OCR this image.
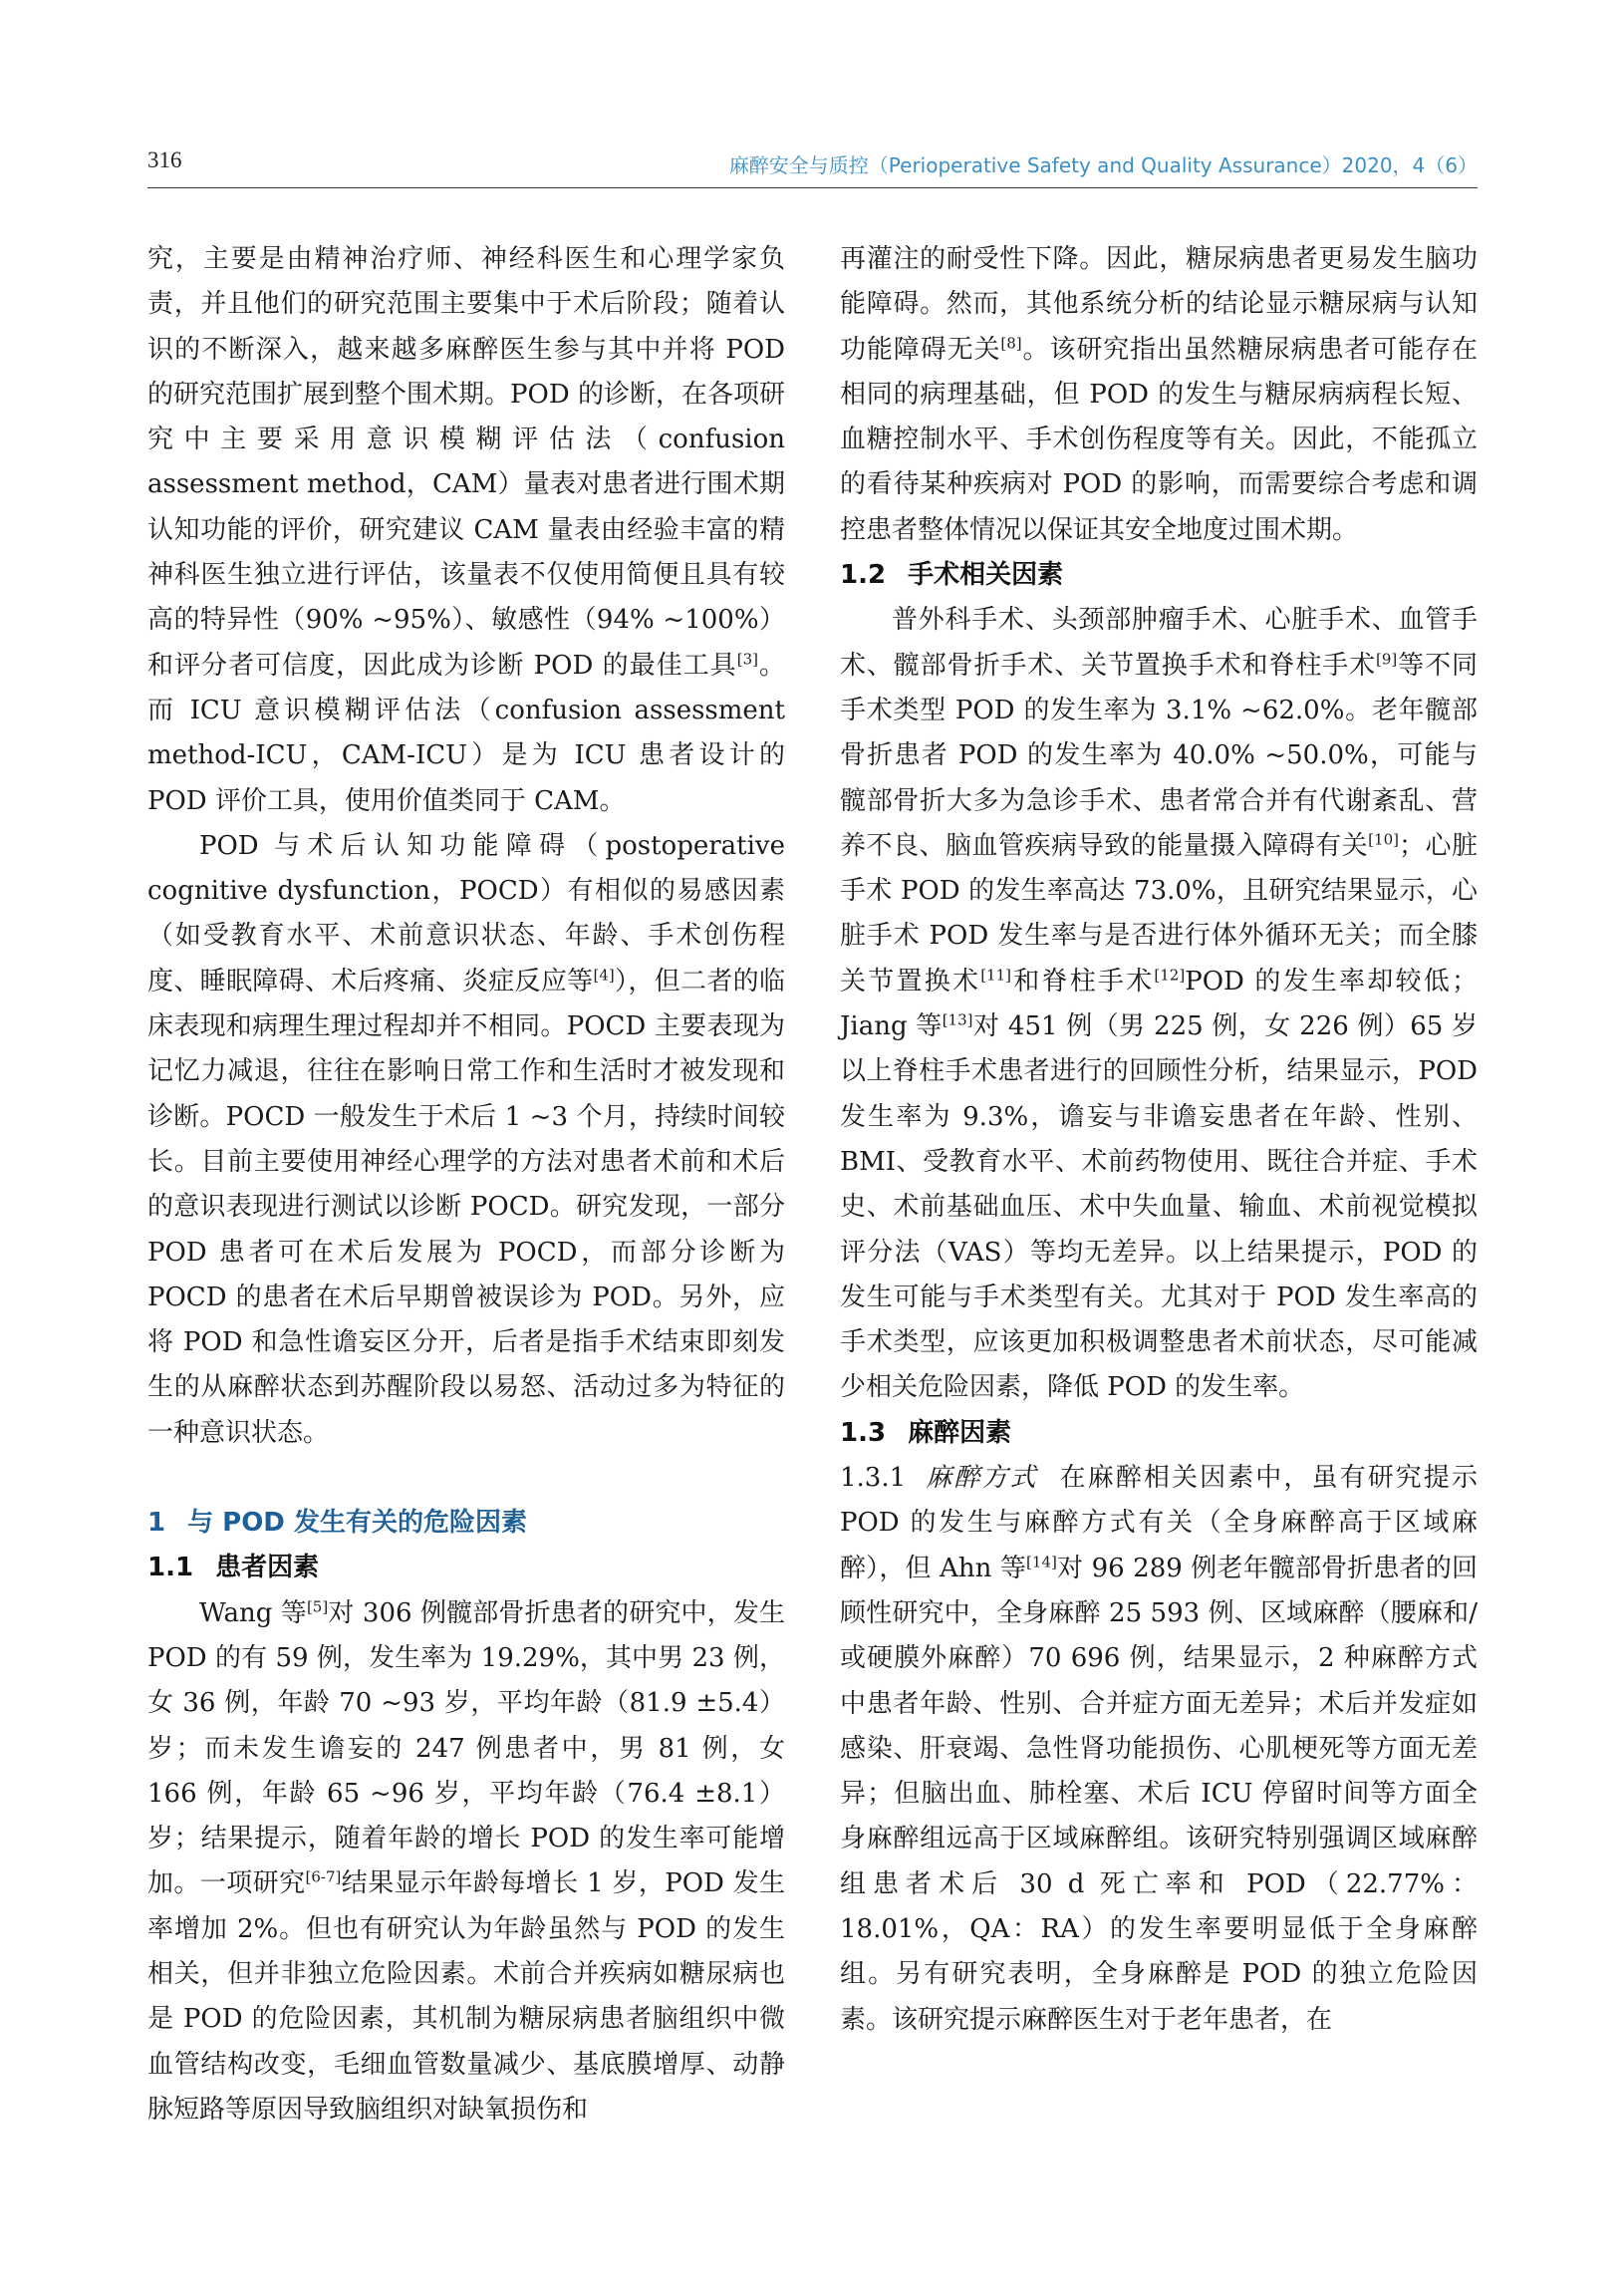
316	麻醉安全与质控（Perioperative Safety and Quality Assurance）2020，4（6）

究，主要是由精神治疗师、神经科医生和心理学家负责，并且他们的研究范围主要集中于术后阶段；随着认识的不断深入，越来越多麻醉医生参与其中并将 POD 的研究范围扩展到整个围术期。POD 的诊断，在各项研究中主要采用意识模糊评估法（confusion assessment method，CAM）量表对患者进行围术期认知功能的评价，研究建议 CAM 量表由经验丰富的精神科医生独立进行评估，该量表不仅使用简便且具有较高的特异性（90% ~95%）、敏感性（94% ~100%）和评分者可信度，因此成为诊断 POD 的最佳工具[3]。而 ICU 意识模糊评估法（confusion assessment method-ICU，CAM-ICU）是为 ICU 患者设计的 POD 评价工具，使用价值类同于 CAM。

POD 与术后认知功能障碍（postoperative cognitive dysfunction，POCD）有相似的易感因素（如受教育水平、术前意识状态、年龄、手术创伤程度、睡眠障碍、术后疼痛、炎症反应等[4]），但二者的临床表现和病理生理过程却并不相同。POCD 主要表现为记忆力减退，往往在影响日常工作和生活时才被发现和诊断。POCD 一般发生于术后 1 ~3 个月，持续时间较长。目前主要使用神经心理学的方法对患者术前和术后的意识表现进行测试以诊断 POCD。研究发现，一部分 POD 患者可在术后发展为 POCD，而部分诊断为 POCD 的患者在术后早期曾被误诊为 POD。另外，应将 POD 和急性谵妄区分开，后者是指手术结束即刻发生的从麻醉状态到苏醒阶段以易怒、活动过多为特征的一种意识状态。

1 与 POD 发生有关的危险因素
1.1 患者因素

Wang 等[5]对 306 例髋部骨折患者的研究中，发生 POD 的有 59 例，发生率为 19.29%，其中男 23 例，女 36 例，年龄 70 ~93 岁，平均年龄（81.9 ±5.4）岁；而未发生谵妄的 247 例患者中，男 81 例，女 166 例，年龄 65 ~96 岁，平均年龄（76.4 ±8.1）岁；结果提示，随着年龄的增长 POD 的发生率可能增加。一项研究[6-7]结果显示年龄每增长 1 岁，POD 发生率增加 2%。但也有研究认为年龄虽然与 POD 的发生相关，但并非独立危险因素。术前合并疾病如糖尿病也是 POD 的危险因素，其机制为糖尿病患者脑组织中微血管结构改变，毛细血管数量减少、基底膜增厚、动静脉短路等原因导致脑组织对缺氧损伤和

再灌注的耐受性下降。因此，糖尿病患者更易发生脑功能障碍。然而，其他系统分析的结论显示糖尿病与认知功能障碍无关[8]。该研究指出虽然糖尿病患者可能存在相同的病理基础，但 POD 的发生与糖尿病病程长短、血糖控制水平、手术创伤程度等有关。因此，不能孤立的看待某种疾病对 POD 的影响，而需要综合考虑和调控患者整体情况以保证其安全地度过围术期。

1.2 手术相关因素

普外科手术、头颈部肿瘤手术、心脏手术、血管手术、髋部骨折手术、关节置换手术和脊柱手术[9]等不同手术类型 POD 的发生率为 3.1% ~62.0%。老年髋部骨折患者 POD 的发生率为 40.0% ~50.0%，可能与髋部骨折大多为急诊手术、患者常合并有代谢紊乱、营养不良、脑血管疾病导致的能量摄入障碍有关[10]；心脏手术 POD 的发生率高达 73.0%，且研究结果显示，心脏手术 POD 发生率与是否进行体外循环无关；而全膝关节置换术[11]和脊柱手术[12]POD 的发生率却较低；Jiang 等[13]对 451 例（男 225 例，女 226 例）65 岁以上脊柱手术患者进行的回顾性分析，结果显示，POD 发生率为 9.3%，谵妄与非谵妄患者在年龄、性别、BMI、受教育水平、术前药物使用、既往合并症、手术史、术前基础血压、术中失血量、输血、术前视觉模拟评分法（VAS）等均无差异。以上结果提示，POD 的发生可能与手术类型有关。尤其对于 POD 发生率高的手术类型，应该更加积极调整患者术前状态，尽可能减少相关危险因素，降低 POD 的发生率。

1.3 麻醉因素

1.3.1 麻醉方式 在麻醉相关因素中，虽有研究提示 POD 的发生与麻醉方式有关（全身麻醉高于区域麻醉），但 Ahn 等[14]对 96 289 例老年髋部骨折患者的回顾性研究中，全身麻醉 25 593 例、区域麻醉（腰麻和/或硬膜外麻醉）70 696 例，结果显示，2 种麻醉方式中患者年龄、性别、合并症方面无差异；术后并发症如感染、肝衰竭、急性肾功能损伤、心肌梗死等方面无差异；但脑出血、肺栓塞、术后 ICU 停留时间等方面全身麻醉组远高于区域麻醉组。该研究特别强调区域麻醉组患者术后 30 d 死亡率和 POD（22.77%：18.01%，QA：RA）的发生率要明显低于全身麻醉组。另有研究表明，全身麻醉是 POD 的独立危险因素。该研究提示麻醉医生对于老年患者，在
